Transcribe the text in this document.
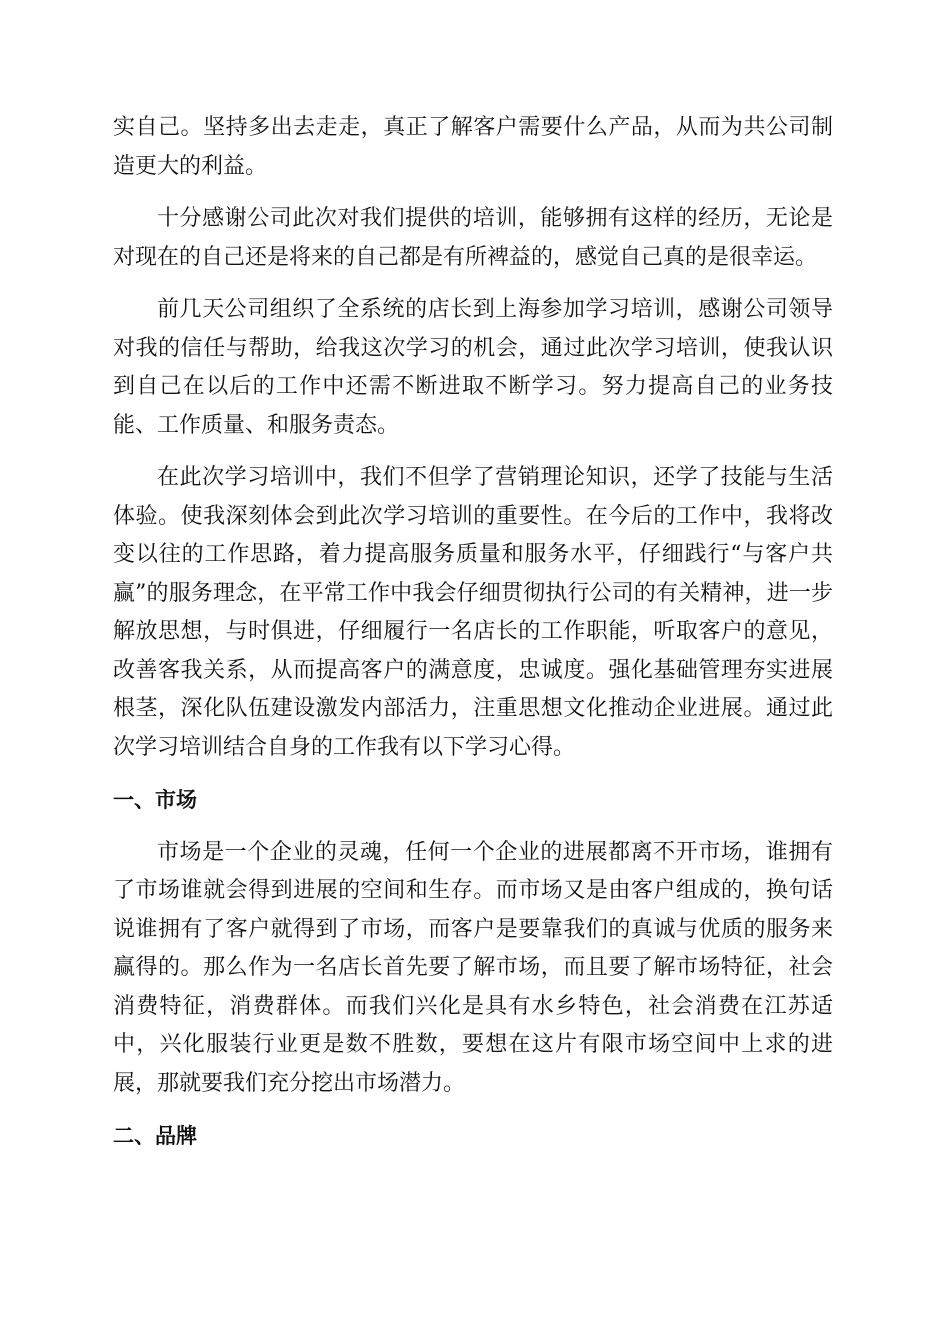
实自己。坚持多出去走走，真正了解客户需要什么产品，从而为共公司制造更大的利益。

十分感谢公司此次对我们提供的培训，能够拥有这样的经历，无论是对现在的自己还是将来的自己都是有所裨益的，感觉自己真的是很幸运。

前几天公司组织了全系统的店长到上海参加学习培训，感谢公司领导对我的信任与帮助，给我这次学习的机会，通过此次学习培训，使我认识到自己在以后的工作中还需不断进取不断学习。努力提高自己的业务技能、工作质量、和服务责态。

在此次学习培训中，我们不但学了营销理论知识，还学了技能与生活体验。使我深刻体会到此次学习培训的重要性。在今后的工作中，我将改变以往的工作思路，着力提高服务质量和服务水平，仔细践行“与客户共赢”的服务理念，在平常工作中我会仔细贯彻执行公司的有关精神，进一步解放思想，与时俱进，仔细履行一名店长的工作职能，听取客户的意见，改善客我关系，从而提高客户的满意度，忠诚度。强化基础管理夯实进展根茎，深化队伍建设激发内部活力，注重思想文化推动企业进展。通过此次学习培训结合自身的工作我有以下学习心得。

一、市场

市场是一个企业的灵魂，任何一个企业的进展都离不开市场，谁拥有了市场谁就会得到进展的空间和生存。而市场又是由客户组成的，换句话说谁拥有了客户就得到了市场，而客户是要靠我们的真诚与优质的服务来赢得的。那么作为一名店长首先要了解市场，而且要了解市场特征，社会消费特征，消费群体。而我们兴化是具有水乡特色，社会消费在江苏适中，兴化服装行业更是数不胜数，要想在这片有限市场空间中上求的进展，那就要我们充分挖出市场潜力。

二、品牌
